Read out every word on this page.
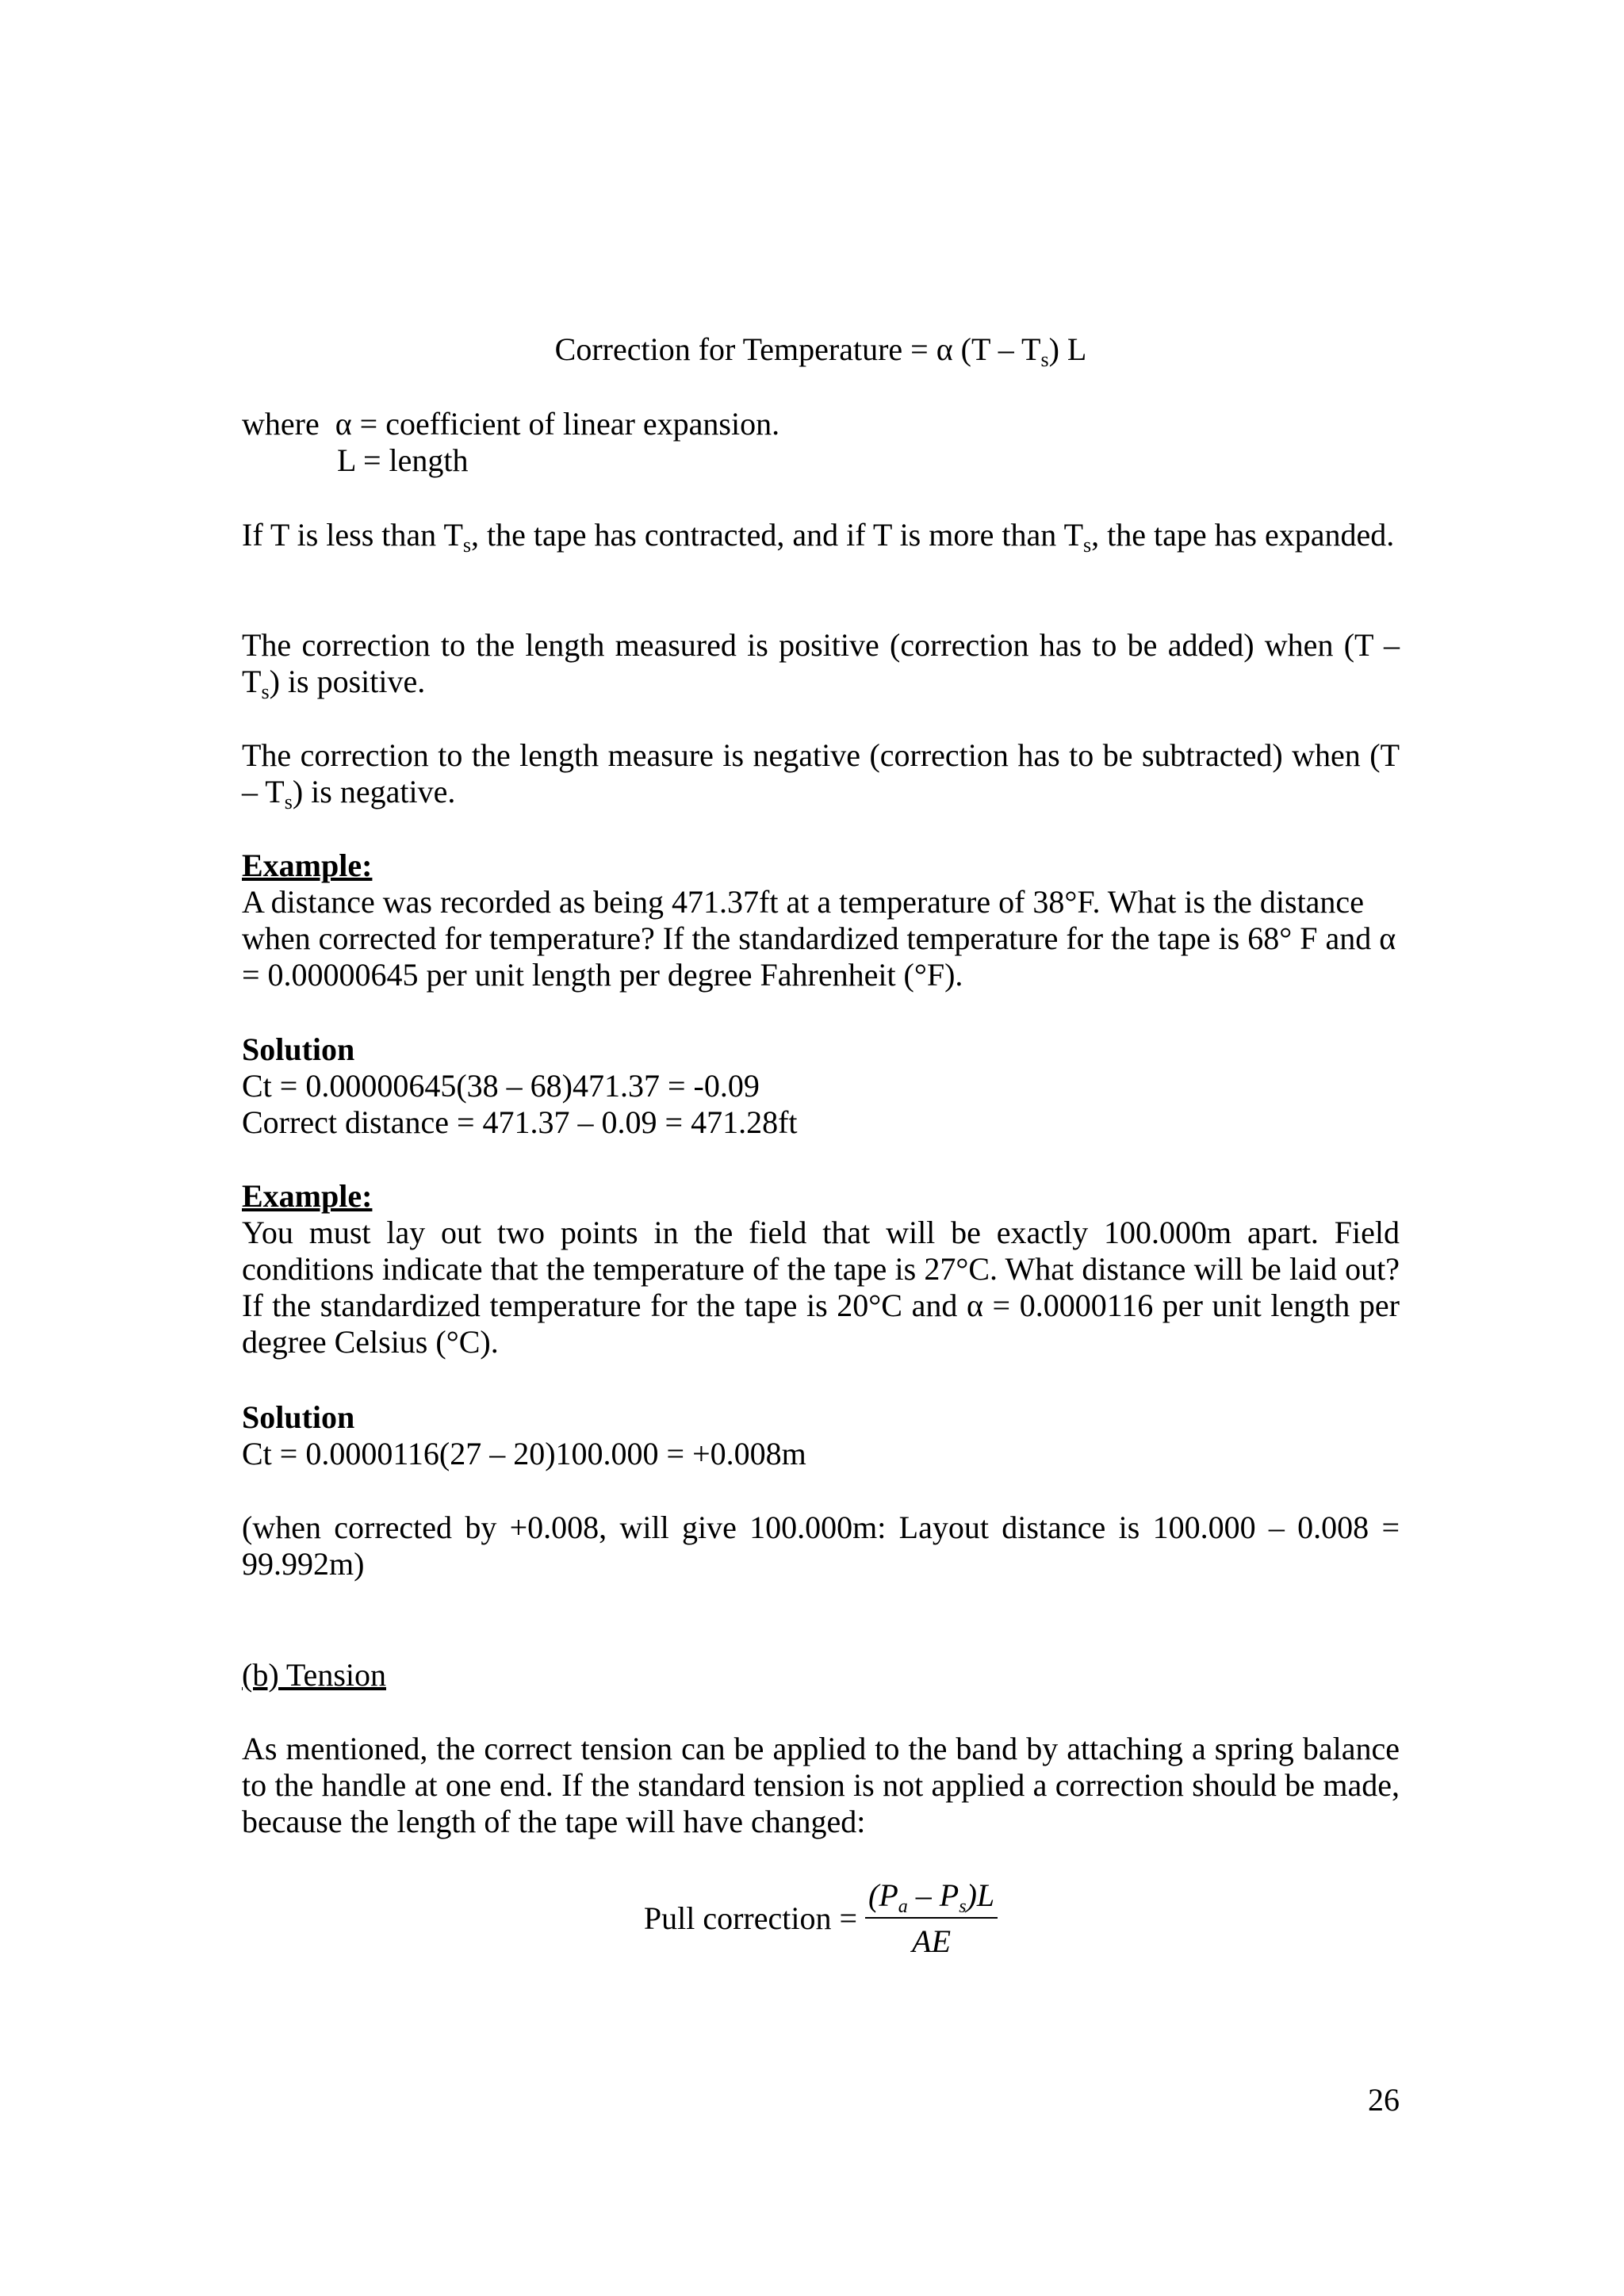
Correction for Temperature = α $(T - T_s)$ L

where α = coefficient of linear expansion.
L = length

If T is less than $T_s$, the tape has contracted, and if T is more than $T_s$, the tape has expanded.

The correction to the length measured is positive (correction has to be added) when $(T - T_s)$ is positive.

The correction to the length measure is negative (correction has to be subtracted) when $(T - T_s)$ is negative.

Example:
A distance was recorded as being 471.37ft at a temperature of 38°F. What is the distance when corrected for temperature? If the standardized temperature for the tape is 68° F and α = 0.00000645 per unit length per degree Fahrenheit (°F).
Solution
Ct = 0.00000645(38 – 68)471.37 = -0.09
Correct distance = 471.37 – 0.09 = 471.28ft
Example:
You must lay out two points in the field that will be exactly 100.000m apart. Field conditions indicate that the temperature of the tape is 27°C. What distance will be laid out? If the standardized temperature for the tape is 20°C and α = 0.0000116 per unit length per degree Celsius (°C).
Solution
Ct = 0.0000116(27 – 20)100.000 = +0.008m

(when corrected by +0.008, will give 100.000m: Layout distance is 100.000 – 0.008 = 99.992m)

(b) Tension

As mentioned, the correct tension can be applied to the band by attaching a spring balance to the handle at one end. If the standard tension is not applied a correction should be made, because the length of the tape will have changed:

Pull correction = $\frac{(P_a - P_s)L}{AE}$

26
